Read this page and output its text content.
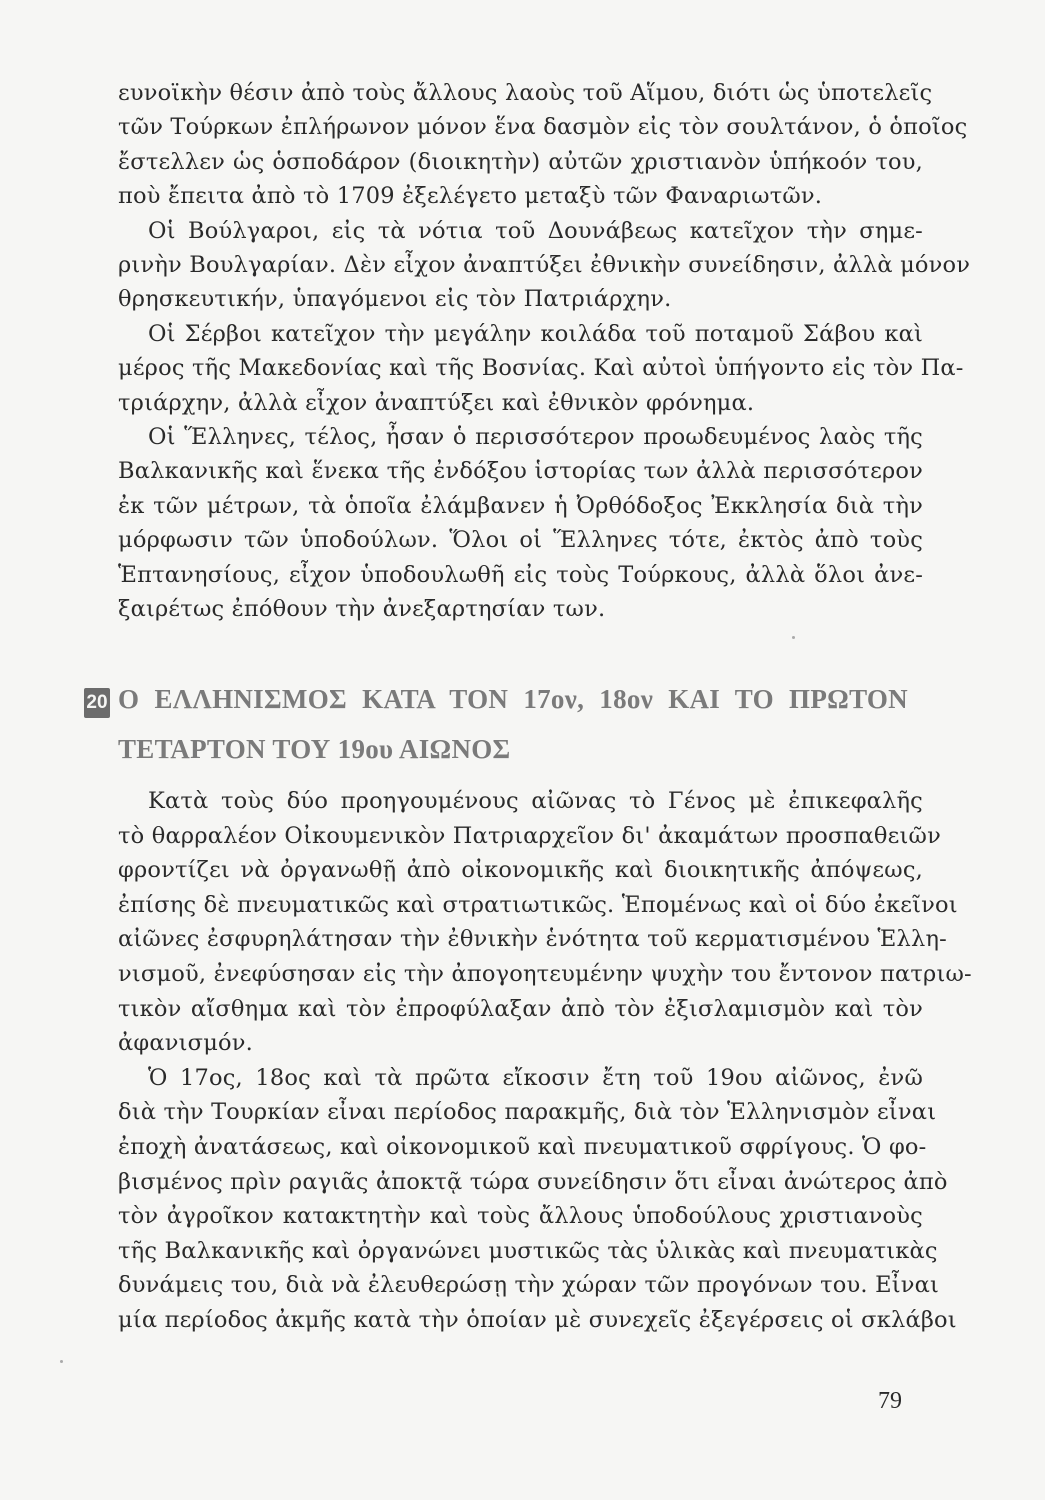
ευνοϊκὴν θέσιν ἀπὸ τοὺς ἄλλους λαοὺς τοῦ Αἵμου, διότι ὡς ὑποτελεῖς
τῶν Τούρκων ἐπλήρωνον μόνον ἕνα δασμὸν εἰς τὸν σουλτάνον, ὁ ὁποῖος
ἔστελλεν ὡς ὁσποδάρον (διοικητὴν) αὐτῶν χριστιανὸν ὑπήκοόν του,
ποὺ ἔπειτα ἀπὸ τὸ 1709 ἐξελέγετο μεταξὺ τῶν Φαναριωτῶν.
Οἱ Βούλγαροι, εἰς τὰ νότια τοῦ Δουνάβεως κατεῖχον τὴν σημε-
ρινὴν Βουλγαρίαν. Δὲν εἶχον ἀναπτύξει ἐθνικὴν συνείδησιν, ἀλλὰ μόνον
θρησκευτικήν, ὑπαγόμενοι εἰς τὸν Πατριάρχην.
Οἱ Σέρβοι κατεῖχον τὴν μεγάλην κοιλάδα τοῦ ποταμοῦ Σάβου καὶ
μέρος τῆς Μακεδονίας καὶ τῆς Βοσνίας. Καὶ αὐτοὶ ὑπήγοντο εἰς τὸν Πα-
τριάρχην, ἀλλὰ εἶχον ἀναπτύξει καὶ ἐθνικὸν φρόνημα.
Οἱ Ἕλληνες, τέλος, ἦσαν ὁ περισσότερον προωδευμένος λαὸς τῆς
Βαλκανικῆς καὶ ἕνεκα τῆς ἐνδόξου ἱστορίας των ἀλλὰ περισσότερον
ἐκ τῶν μέτρων, τὰ ὁποῖα ἐλάμβανεν ἡ Ὀρθόδοξος Ἐκκλησία διὰ τὴν
μόρφωσιν τῶν ὑποδούλων. Ὅλοι οἱ Ἕλληνες τότε, ἐκτὸς ἀπὸ τοὺς
Ἑπτανησίους, εἶχον ὑποδουλωθῆ εἰς τοὺς Τούρκους, ἀλλὰ ὅλοι ἀνε-
ξαιρέτως ἐπόθουν τὴν ἀνεξαρτησίαν των.
20 Ο ΕΛΛΗΝΙΣΜΟΣ ΚΑΤΑ ΤΟΝ 17ον, 18ον ΚΑΙ ΤΟ ΠΡΩΤΟΝ
ΤΕΤΑΡΤΟΝ ΤΟΥ 19ου ΑΙΩΝΟΣ
Κατὰ τοὺς δύο προηγουμένους αἰῶνας τὸ Γένος μὲ ἐπικεφαλῆς
τὸ θαρραλέον Οἰκουμενικὸν Πατριαρχεῖον δι' ἀκαμάτων προσπαθειῶν
φροντίζει νὰ ὀργανωθῇ ἀπὸ οἰκονομικῆς καὶ διοικητικῆς ἀπόψεως,
ἐπίσης δὲ πνευματικῶς καὶ στρατιωτικῶς. Ἑπομένως καὶ οἱ δύο ἐκεῖνοι
αἰῶνες ἐσφυρηλάτησαν τὴν ἐθνικὴν ἑνότητα τοῦ κερματισμένου Ἑλλη-
νισμοῦ, ἐνεφύσησαν εἰς τὴν ἀπογοητευμένην ψυχὴν του ἔντονον πατριω-
τικὸν αἴσθημα καὶ τὸν ἐπροφύλαξαν ἀπὸ τὸν ἐξισλαμισμὸν καὶ τὸν
ἀφανισμόν.
Ὁ 17ος, 18ος καὶ τὰ πρῶτα εἴκοσιν ἔτη τοῦ 19ου αἰῶνος, ἐνῶ
διὰ τὴν Τουρκίαν εἶναι περίοδος παρακμῆς, διὰ τὸν Ἑλληνισμὸν εἶναι
ἐποχὴ ἀνατάσεως, καὶ οἰκονομικοῦ καὶ πνευματικοῦ σφρίγους. Ὁ φο-
βισμένος πρὶν ραγιᾶς ἀποκτᾷ τώρα συνείδησιν ὅτι εἶναι ἀνώτερος ἀπὸ
τὸν ἀγροῖκον κατακτητὴν καὶ τοὺς ἄλλους ὑποδούλους χριστιανοὺς
τῆς Βαλκανικῆς καὶ ὀργανώνει μυστικῶς τὰς ὑλικὰς καὶ πνευματικὰς
δυνάμεις του, διὰ νὰ ἐλευθερώσῃ τὴν χώραν τῶν προγόνων του. Εἶναι
μία περίοδος ἀκμῆς κατὰ τὴν ὁποίαν μὲ συνεχεῖς ἐξεγέρσεις οἱ σκλάβοι
79
